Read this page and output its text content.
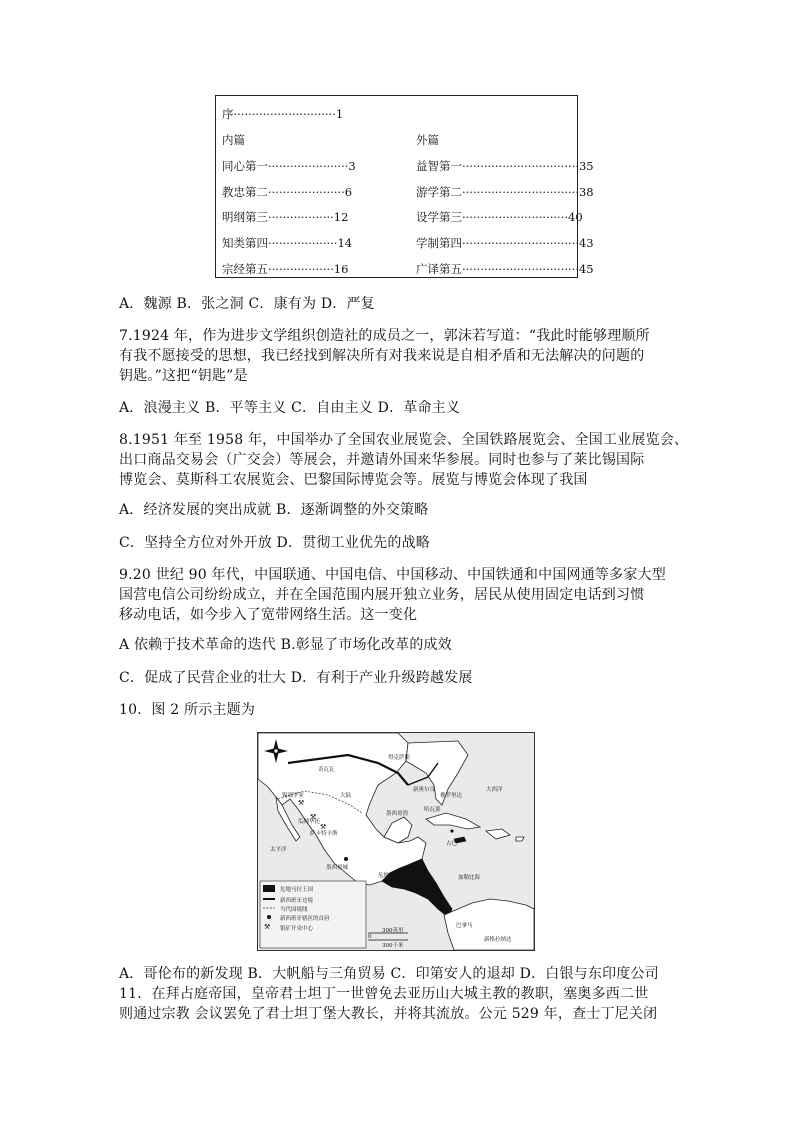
序····························1
内篇	外篇
同心第一······················3
教忠第二·····················6
明纲第三··················12
知类第四···················14
宗经第五··················16
益智第一································35
游学第二································38
设学第三·····························40
学制第四································43
广译第五································45
A．魏源 B．张之洞 C．康有为 D．严复
7.1924 年，作为进步文学组织创造社的成员之一，郭沫若写道：“我此时能够理顺所
有我不愿接受的思想，我已经找到解决所有对我来说是自相矛盾和无法解决的问题的
钥匙。”这把“钥匙”是
A．浪漫主义 B．平等主义 C．自由主义 D．革命主义
8.1951 年至 1958 年，中国举办了全国农业展览会、全国铁路展览会、全国工业展览会、
出口商品交易会（广交会）等展会，并邀请外国来华参展。同时也参与了莱比锡国际
博览会、莫斯科工农展览会、巴黎国际博览会等。展览与博览会体现了我国
A．经济发展的突出成就 B．逐渐调整的外交策略
C．坚持全方位对外开放 D．贯彻工业优先的战略
9.20 世纪 90 年代，中国联通、中国电信、中国移动、中国铁通和中国网通等多家大型
国营电信公司纷纷成立，并在全国范围内展开独立业务，居民从使用固定电话到习惯
移动电话，如今步入了宽带网络生活。这一变化
A 依赖于技术革命的迭代 B.彰显了市场化改革的成效
C．促成了民营企业的壮大 D．有利于产业升级跨越发展
10．图 2 所示主题为
⚒
⚒
⚒
⚒
得克萨斯
新奥尔良
佛罗里达
大西洋
太平洋
墨西哥湾
哈瓦那
古巴
加勒比海
墨西哥城
危地马拉
巴拿马
新格拉纳达
锡那罗亚
奇瓦瓦
萨卡特卡斯
瓜纳华托
大陆
危地马拉王国
新西班牙边境
当代国境线
新西班牙辖区的首府
银矿开采中心
0
300英里
300千米
A．哥伦布的新发现 B．大帆船与三角贸易 C．印第安人的退却 D．白银与东印度公司
11．在拜占庭帝国，皇帝君士坦丁一世曾免去亚历山大城主教的教职，塞奥多西二世
则通过宗教 会议罢免了君士坦丁堡大教长，并将其流放。公元 529 年，查士丁尼关闭
